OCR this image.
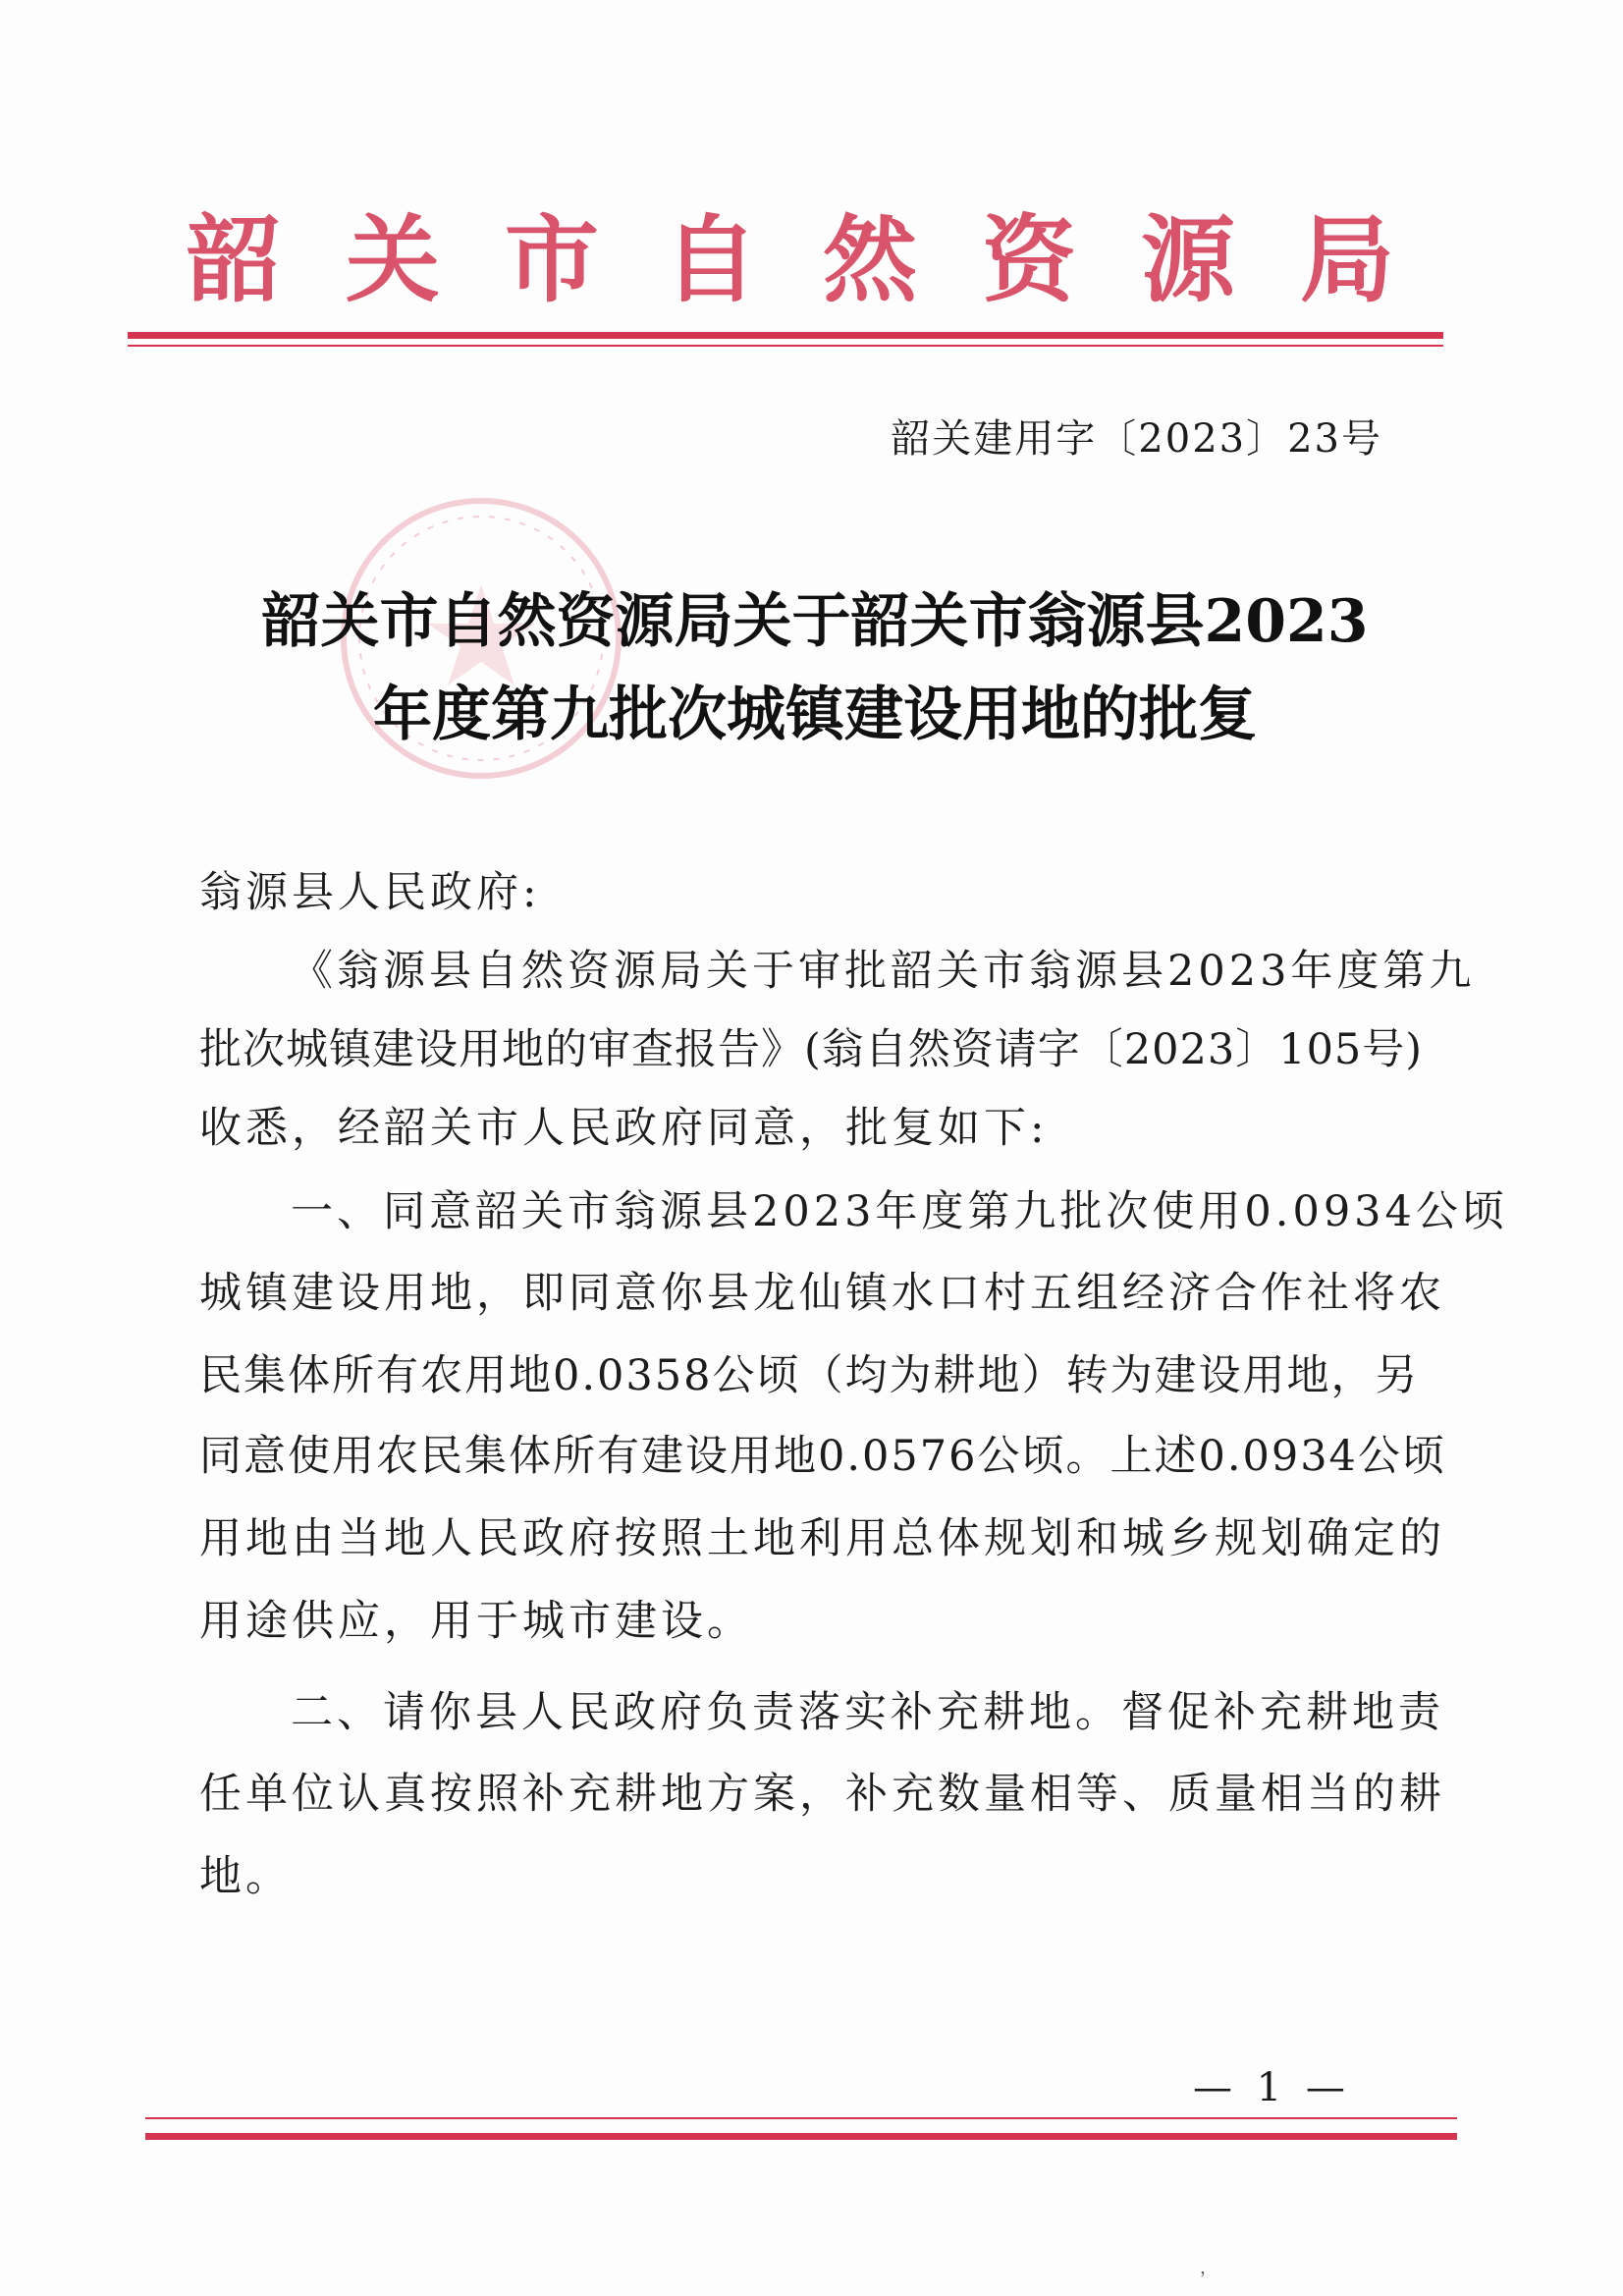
韶 关 市 自 然 资 源 局
韶关建用字〔2023〕23号
韶关市自然资源局关于韶关市翁源县2023
年度第九批次城镇建设用地的批复
翁源县人民政府:
《翁源县自然资源局关于审批韶关市翁源县2023年度第九
批次城镇建设用地的审查报告》(翁自然资请字〔2023〕105号)
收悉，经韶关市人民政府同意，批复如下:
一、同意韶关市翁源县2023年度第九批次使用0.0934公顷
城镇建设用地，即同意你县龙仙镇水口村五组经济合作社将农
民集体所有农用地0.0358公顷（均为耕地）转为建设用地，另
同意使用农民集体所有建设用地0.0576公顷。上述0.0934公顷
用地由当地人民政府按照土地利用总体规划和城乡规划确定的
用途供应，用于城市建设。
二、请你县人民政府负责落实补充耕地。督促补充耕地责
任单位认真按照补充耕地方案，补充数量相等、质量相当的耕
地。
— 1 —
，
